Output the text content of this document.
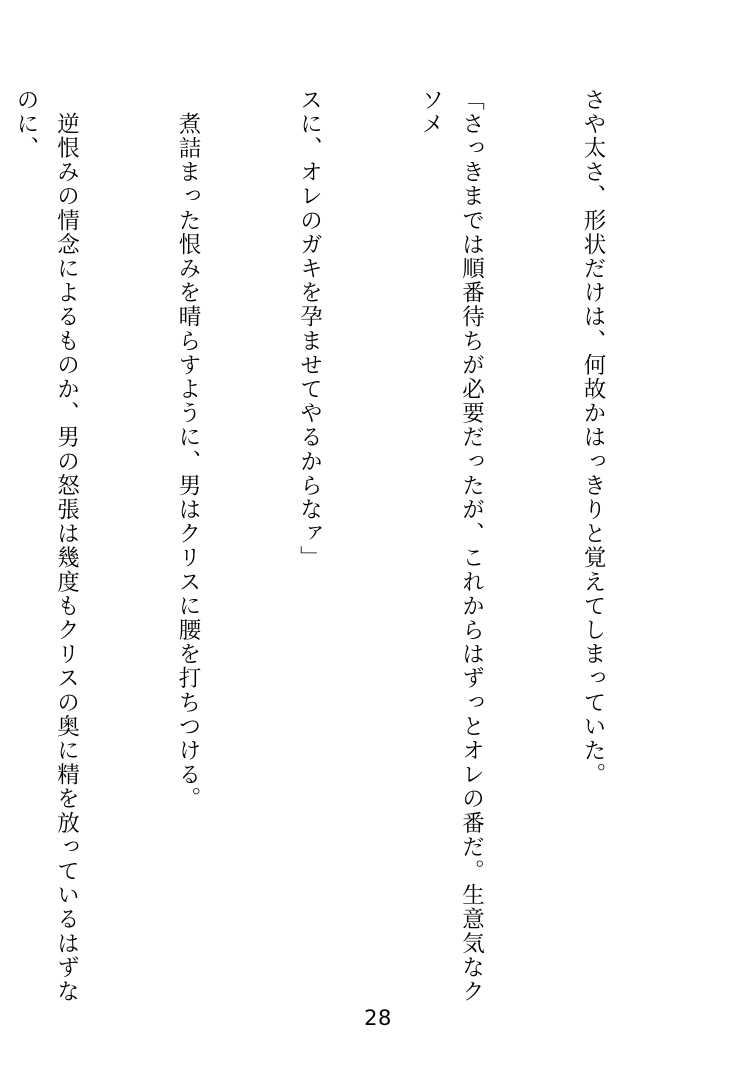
さや太さ、形状だけは、何故かはっきりと覚えてしまっていた。

「さっきまでは順番待ちが必要だったが、これからはずっとオレの番だ。生意気なクソメ

スに、オレのガキを孕ませてやるからなァ」

　煮詰まった恨みを晴らすように、男はクリスに腰を打ちつける。

　逆恨みの情念によるものか、男の怒張は幾度もクリスの奥に精を放っているはずなのに、

28
